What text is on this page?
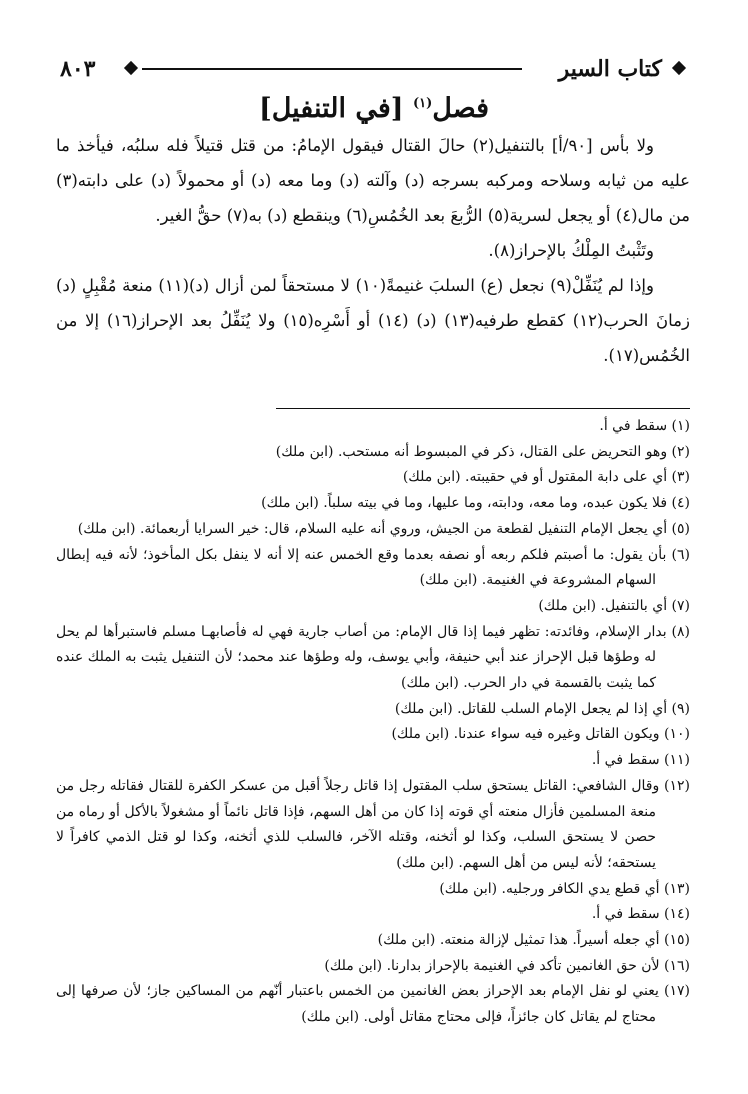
كتاب السير
٨٠٣
فصل$^{(١)}$ [في التنفيل]

ولا بأس [٩٠/أ] بالتنفيل(٢) حالَ القتال فيقول الإمامُ: من قتل قتيلاً فله سلبُه، فيأخذ ما عليه من ثيابه وسلاحه ومركبه بسرجه (د) وآلته (د) وما معه (د) أو محمولاً (د) على دابته(٣) من مال(٤) أو يجعل لسرية(٥) الرُّبعَ بعد الخُمُسِ(٦) وينقطع (د) به(٧) حقُّ الغير.

وتَثْبتُ المِلْكُ بالإحراز(٨).

وإذا لم يُنَفِّلْ(٩) نجعل (ع) السلبَ غنيمةً(١٠) لا مستحقاً لمن أزال (د)(١١) منعة مُقْبِلٍ (د) زمانَ الحرب(١٢) كقطع طرفيه(١٣) (د) (١٤) أو أَسْرِه(١٥) ولا يُنَفِّلُ بعد الإحراز(١٦) إلا من الخُمُس(١٧).

(١) سقط في أ.

(٢) وهو التحريض على القتال، ذكر في المبسوط أنه مستحب. (ابن ملك)

(٣) أي على دابة المقتول أو في حقيبته. (ابن ملك)

(٤) فلا يكون عبده، وما معه، ودابته، وما عليها، وما في بيته سلباً. (ابن ملك)

(٥) أي يجعل الإمام التنفيل لقطعة من الجيش، وروي أنه عليه السلام، قال: خير السرايا أربعمائة. (ابن ملك)

(٦) بأن يقول: ما أصبتم فلكم ربعه أو نصفه بعدما وقع الخمس عنه إلا أنه لا ينفل بكل المأخوذ؛ لأنه فيه إبطال السهام المشروعة في الغنيمة. (ابن ملك)

(٧) أي بالتنفيل. (ابن ملك)

(٨) بدار الإسلام، وفائدته: تظهر فيما إذا قال الإمام: من أصاب جارية فهي له فأصابهـا مسلم فاستبرأها لم يحل له وطؤها قبل الإحراز عند أبي حنيفة، وأبي يوسف، وله وطؤها عند محمد؛ لأن التنفيل يثبت به الملك عنده كما يثبت بالقسمة في دار الحرب. (ابن ملك)

(٩) أي إذا لم يجعل الإمام السلب للقاتل. (ابن ملك)

(١٠) ويكون القاتل وغيره فيه سواء عندنا. (ابن ملك)

(١١) سقط في أ.

(١٢) وقال الشافعي: القاتل يستحق سلب المقتول إذا قاتل رجلاً أقبل من عسكر الكفرة للقتال فقاتله رجل من منعة المسلمين فأزال منعته أي قوته إذا كان من أهل السهم، فإذا قاتل نائماً أو مشغولاً بالأكل أو رماه من حصن لا يستحق السلب، وكذا لو أثخنه، وقتله الآخر، فالسلب للذي أثخنه، وكذا لو قتل الذمي كافراً لا يستحقه؛ لأنه ليس من أهل السهم. (ابن ملك)

(١٣) أي قطع يدي الكافر ورجليه. (ابن ملك)

(١٤) سقط في أ.

(١٥) أي جعله أسيراً. هذا تمثيل لإزالة منعته. (ابن ملك)

(١٦) لأن حق الغانمين تأكد في الغنيمة بالإحراز بدارنا. (ابن ملك)

(١٧) يعني لو نفل الإمام بعد الإحراز بعض الغانمين من الخمس باعتبار أنّهم من المساكين جاز؛ لأن صرفها إلى محتاج لم يقاتل كان جائزاً، فإلى محتاج مقاتل أولى. (ابن ملك)
